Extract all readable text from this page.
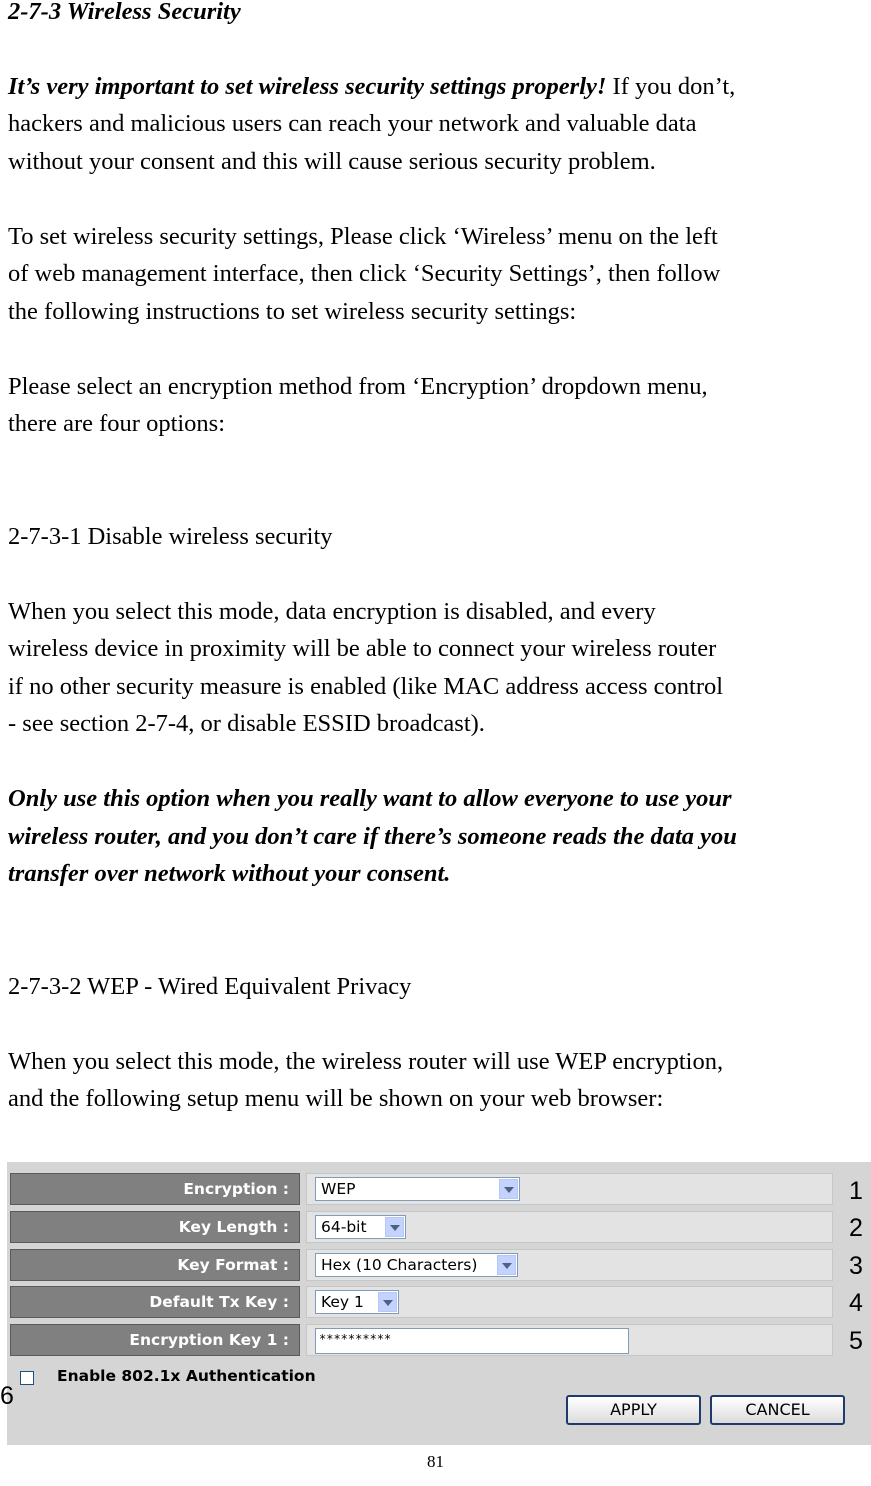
2-7-3 Wireless Security
It’s very important to set wireless security settings properly! If you don’t,
hackers and malicious users can reach your network and valuable data
without your consent and this will cause serious security problem.
To set wireless security settings, Please click ‘Wireless’ menu on the left
of web management interface, then click ‘Security Settings’, then follow
the following instructions to set wireless security settings:
Please select an encryption method from ‘Encryption’ dropdown menu,
there are four options:
2-7-3-1 Disable wireless security
When you select this mode, data encryption is disabled, and every
wireless device in proximity will be able to connect your wireless router
if no other security measure is enabled (like MAC address access control
- see section 2-7-4, or disable ESSID broadcast).
Only use this option when you really want to allow everyone to use your
wireless router, and you don’t care if there’s someone reads the data you
transfer over network without your consent.
2-7-3-2 WEP - Wired Equivalent Privacy
When you select this mode, the wireless router will use WEP encryption,
and the following setup menu will be shown on your web browser:
Encryption :	WEP
Key Length :	64-bit
Key Format :	Hex (10 Characters)
Default Tx Key :	Key 1
Encryption Key 1 :	**********
Enable 802.1x Authentication
APPLY	CANCEL
1
2
3
4
5
6
81
